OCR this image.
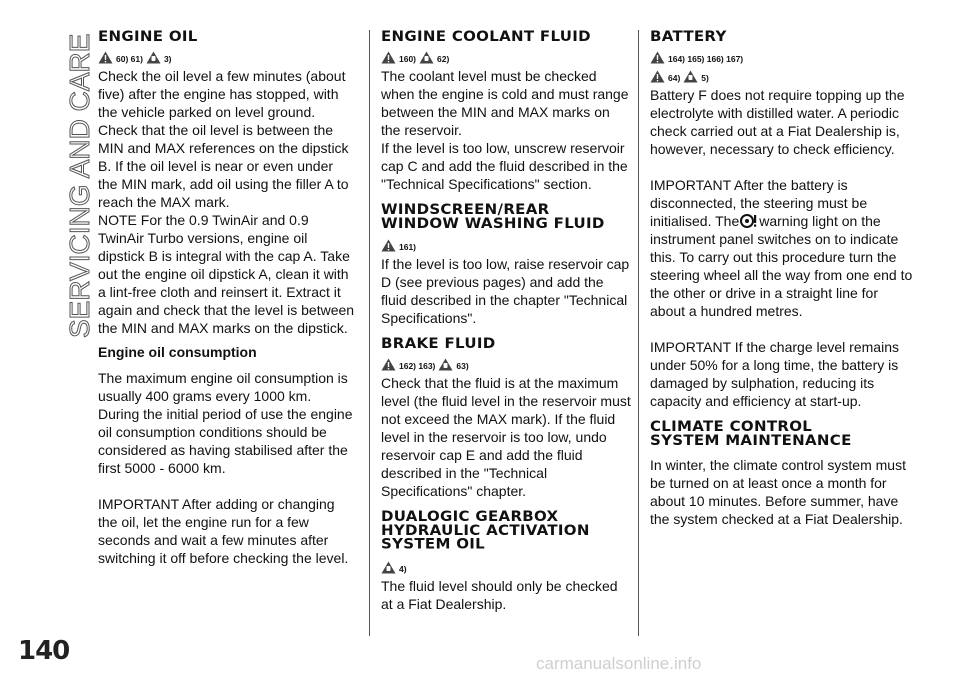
SERVICING AND CARE ENGINE OIL
60) 61) 3)

Check the oil level a few minutes (about five) after the engine has stopped, with the vehicle parked on level ground. Check that the oil level is between the MIN and MAX references on the dipstick B. If the oil level is near or even under the MIN mark, add oil using the filler A to reach the MAX mark.

NOTE For the 0.9 TwinAir and 0.9 TwinAir Turbo versions, engine oil dipstick B is integral with the cap A. Take out the engine oil dipstick A, clean it with a lint-free cloth and reinsert it. Extract it again and check that the level is between the MIN and MAX marks on the dipstick.

Engine oil consumption

The maximum engine oil consumption is usually 400 grams every 1000 km. During the initial period of use the engine oil consumption conditions should be considered as having stabilised after the first 5000 - 6000 km.

IMPORTANT After adding or changing the oil, let the engine run for a few seconds and wait a few minutes after switching it off before checking the level.

ENGINE COOLANT FLUID
160) 62)

The coolant level must be checked when the engine is cold and must range between the MIN and MAX marks on the reservoir.

If the level is too low, unscrew reservoir cap C and add the fluid described in the "Technical Specifications" section.

WINDSCREEN/REAR
WINDOW WASHING FLUID
161)

If the level is too low, raise reservoir cap D (see previous pages) and add the fluid described in the chapter "Technical Specifications".

BRAKE FLUID
162) 163) 63)

Check that the fluid is at the maximum level (the fluid level in the reservoir must not exceed the MAX mark). If the fluid level in the reservoir is too low, undo reservoir cap E and add the fluid described in the "Technical Specifications" chapter.

DUALOGIC GEARBOX
HYDRAULIC ACTIVATION
SYSTEM OIL
4)

The fluid level should only be checked at a Fiat Dealership.

BATTERY
164) 165) 166) 167)
64) 5)

Battery F does not require topping up the electrolyte with distilled water. A periodic check carried out at a Fiat Dealership is, however, necessary to check efficiency.

IMPORTANT After the battery is disconnected, the steering must be initialised. The warning light on the instrument panel switches on to indicate this. To carry out this procedure turn the steering wheel all the way from one end to the other or drive in a straight line for about a hundred metres.

IMPORTANT If the charge level remains under 50% for a long time, the battery is damaged by sulphation, reducing its capacity and efficiency at start-up.

CLIMATE CONTROL
SYSTEM MAINTENANCE

In winter, the climate control system must be turned on at least once a month for about 10 minutes. Before summer, have the system checked at a Fiat Dealership.

140	carmanualsonline.info
